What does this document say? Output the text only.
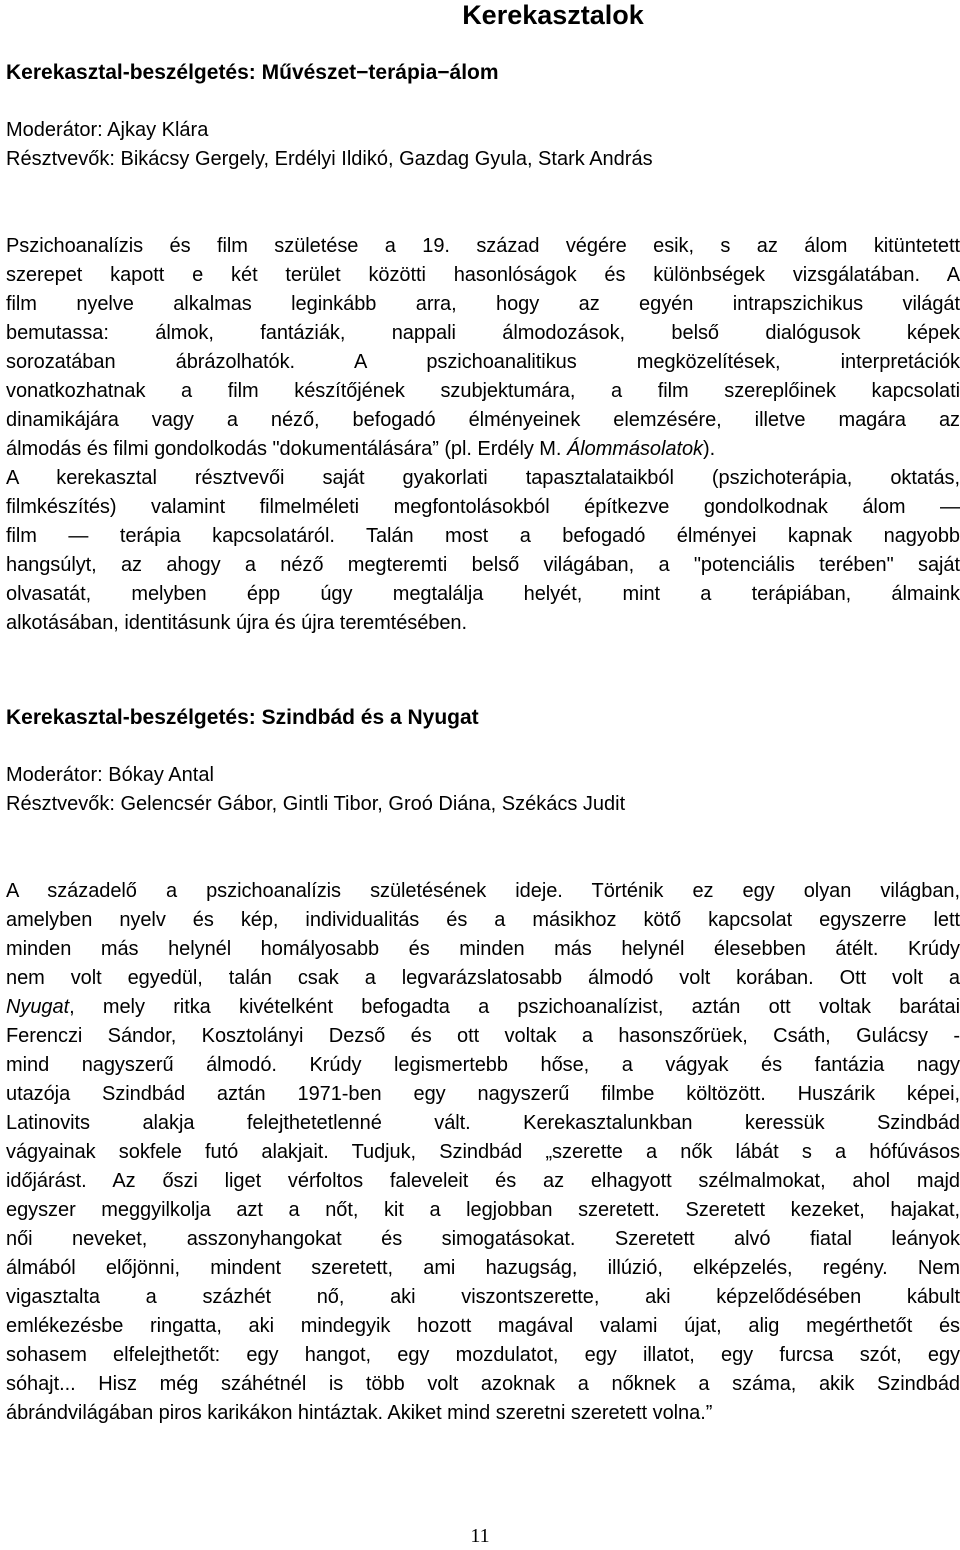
Kerekasztalok
Kerekasztal-beszélgetés: Művészet−terápia−álom

Moderátor: Ajkay Klára

Résztvevők: Bikácsy Gergely, Erdélyi Ildikó, Gazdag Gyula, Stark András

Pszichoanalízis és film születése a 19. század végére esik, s az álom kitüntetett
szerepet kapott e két terület közötti hasonlóságok és különbségek vizsgálatában. A
film nyelve alkalmas leginkább arra, hogy az egyén intrapszichikus világát
bemutassa: álmok, fantáziák, nappali álmodozások, belső dialógusok képek
sorozatában ábrázolhatók. A pszichoanalitikus megközelítések, interpretációk
vonatkozhatnak a film készítőjének szubjektumára, a film szereplőinek kapcsolati
dinamikájára vagy a néző, befogadó élményeinek elemzésére, illetve magára az
álmodás és filmi gondolkodás "dokumentálására” (pl. Erdély M. Álommásolatok).
A kerekasztal résztvevői saját gyakorlati tapasztalataikból (pszichoterápia, oktatás,
filmkészítés) valamint filmelméleti megfontolásokból építkezve gondolkodnak álom —
film — terápia kapcsolatáról. Talán most a befogadó élményei kapnak nagyobb
hangsúlyt, az ahogy a néző megteremti belső világában, a "potenciális terében" saját
olvasatát, melyben épp úgy megtalálja helyét, mint a terápiában, álmaink
alkotásában, identitásunk újra és újra teremtésében.
Kerekasztal-beszélgetés: Szindbád és a Nyugat

Moderátor: Bókay Antal

Résztvevők: Gelencsér Gábor, Gintli Tibor, Groó Diána, Székács Judit

A századelő a pszichoanalízis születésének ideje. Történik ez egy olyan világban,
amelyben nyelv és kép, individualitás és a másikhoz kötő kapcsolat egyszerre lett
minden más helynél homályosabb és minden más helynél élesebben átélt. Krúdy
nem volt egyedül, talán csak a legvarázslatosabb álmodó volt korában. Ott volt a
Nyugat , mely ritka kivételként befogadta a pszichoanalízist, aztán ott voltak barátai
Ferenczi Sándor, Kosztolányi Dezső és ott voltak a hasonszőrüek, Csáth, Gulácsy -
mind nagyszerű álmodó. Krúdy legismertebb hőse, a vágyak és fantázia nagy
utazója Szindbád aztán 1971-ben egy nagyszerű filmbe költözött. Huszárik képei,
Latinovits alakja felejthetetlenné vált. Kerekasztalunkban keressük Szindbád
vágyainak sokfele futó alakjait. Tudjuk, Szindbád „szerette a nők lábát s a hófúvásos
időjárást. Az őszi liget vérfoltos faleveleit és az elhagyott szélmalmokat, ahol majd
egyszer meggyilkolja azt a nőt, kit a legjobban szeretett. Szeretett kezeket, hajakat,
női neveket, asszonyhangokat és simogatásokat. Szeretett alvó fiatal leányok
álmából előjönni, mindent szeretett, ami hazugság, illúzió, elképzelés, regény. Nem
vigasztalta a százhét nő, aki viszontszerette, aki képzelődésében kábult
emlékezésbe ringatta, aki mindegyik hozott magával valami újat, alig megérthetőt és
sohasem elfelejthetőt: egy hangot, egy mozdulatot, egy illatot, egy furcsa szót, egy
sóhajt... Hisz még száhétnél is több volt azoknak a nőknek a száma, akik Szindbád
ábrándvilágában piros karikákon hintáztak. Akiket mind szeretni szeretett volna.”
11
